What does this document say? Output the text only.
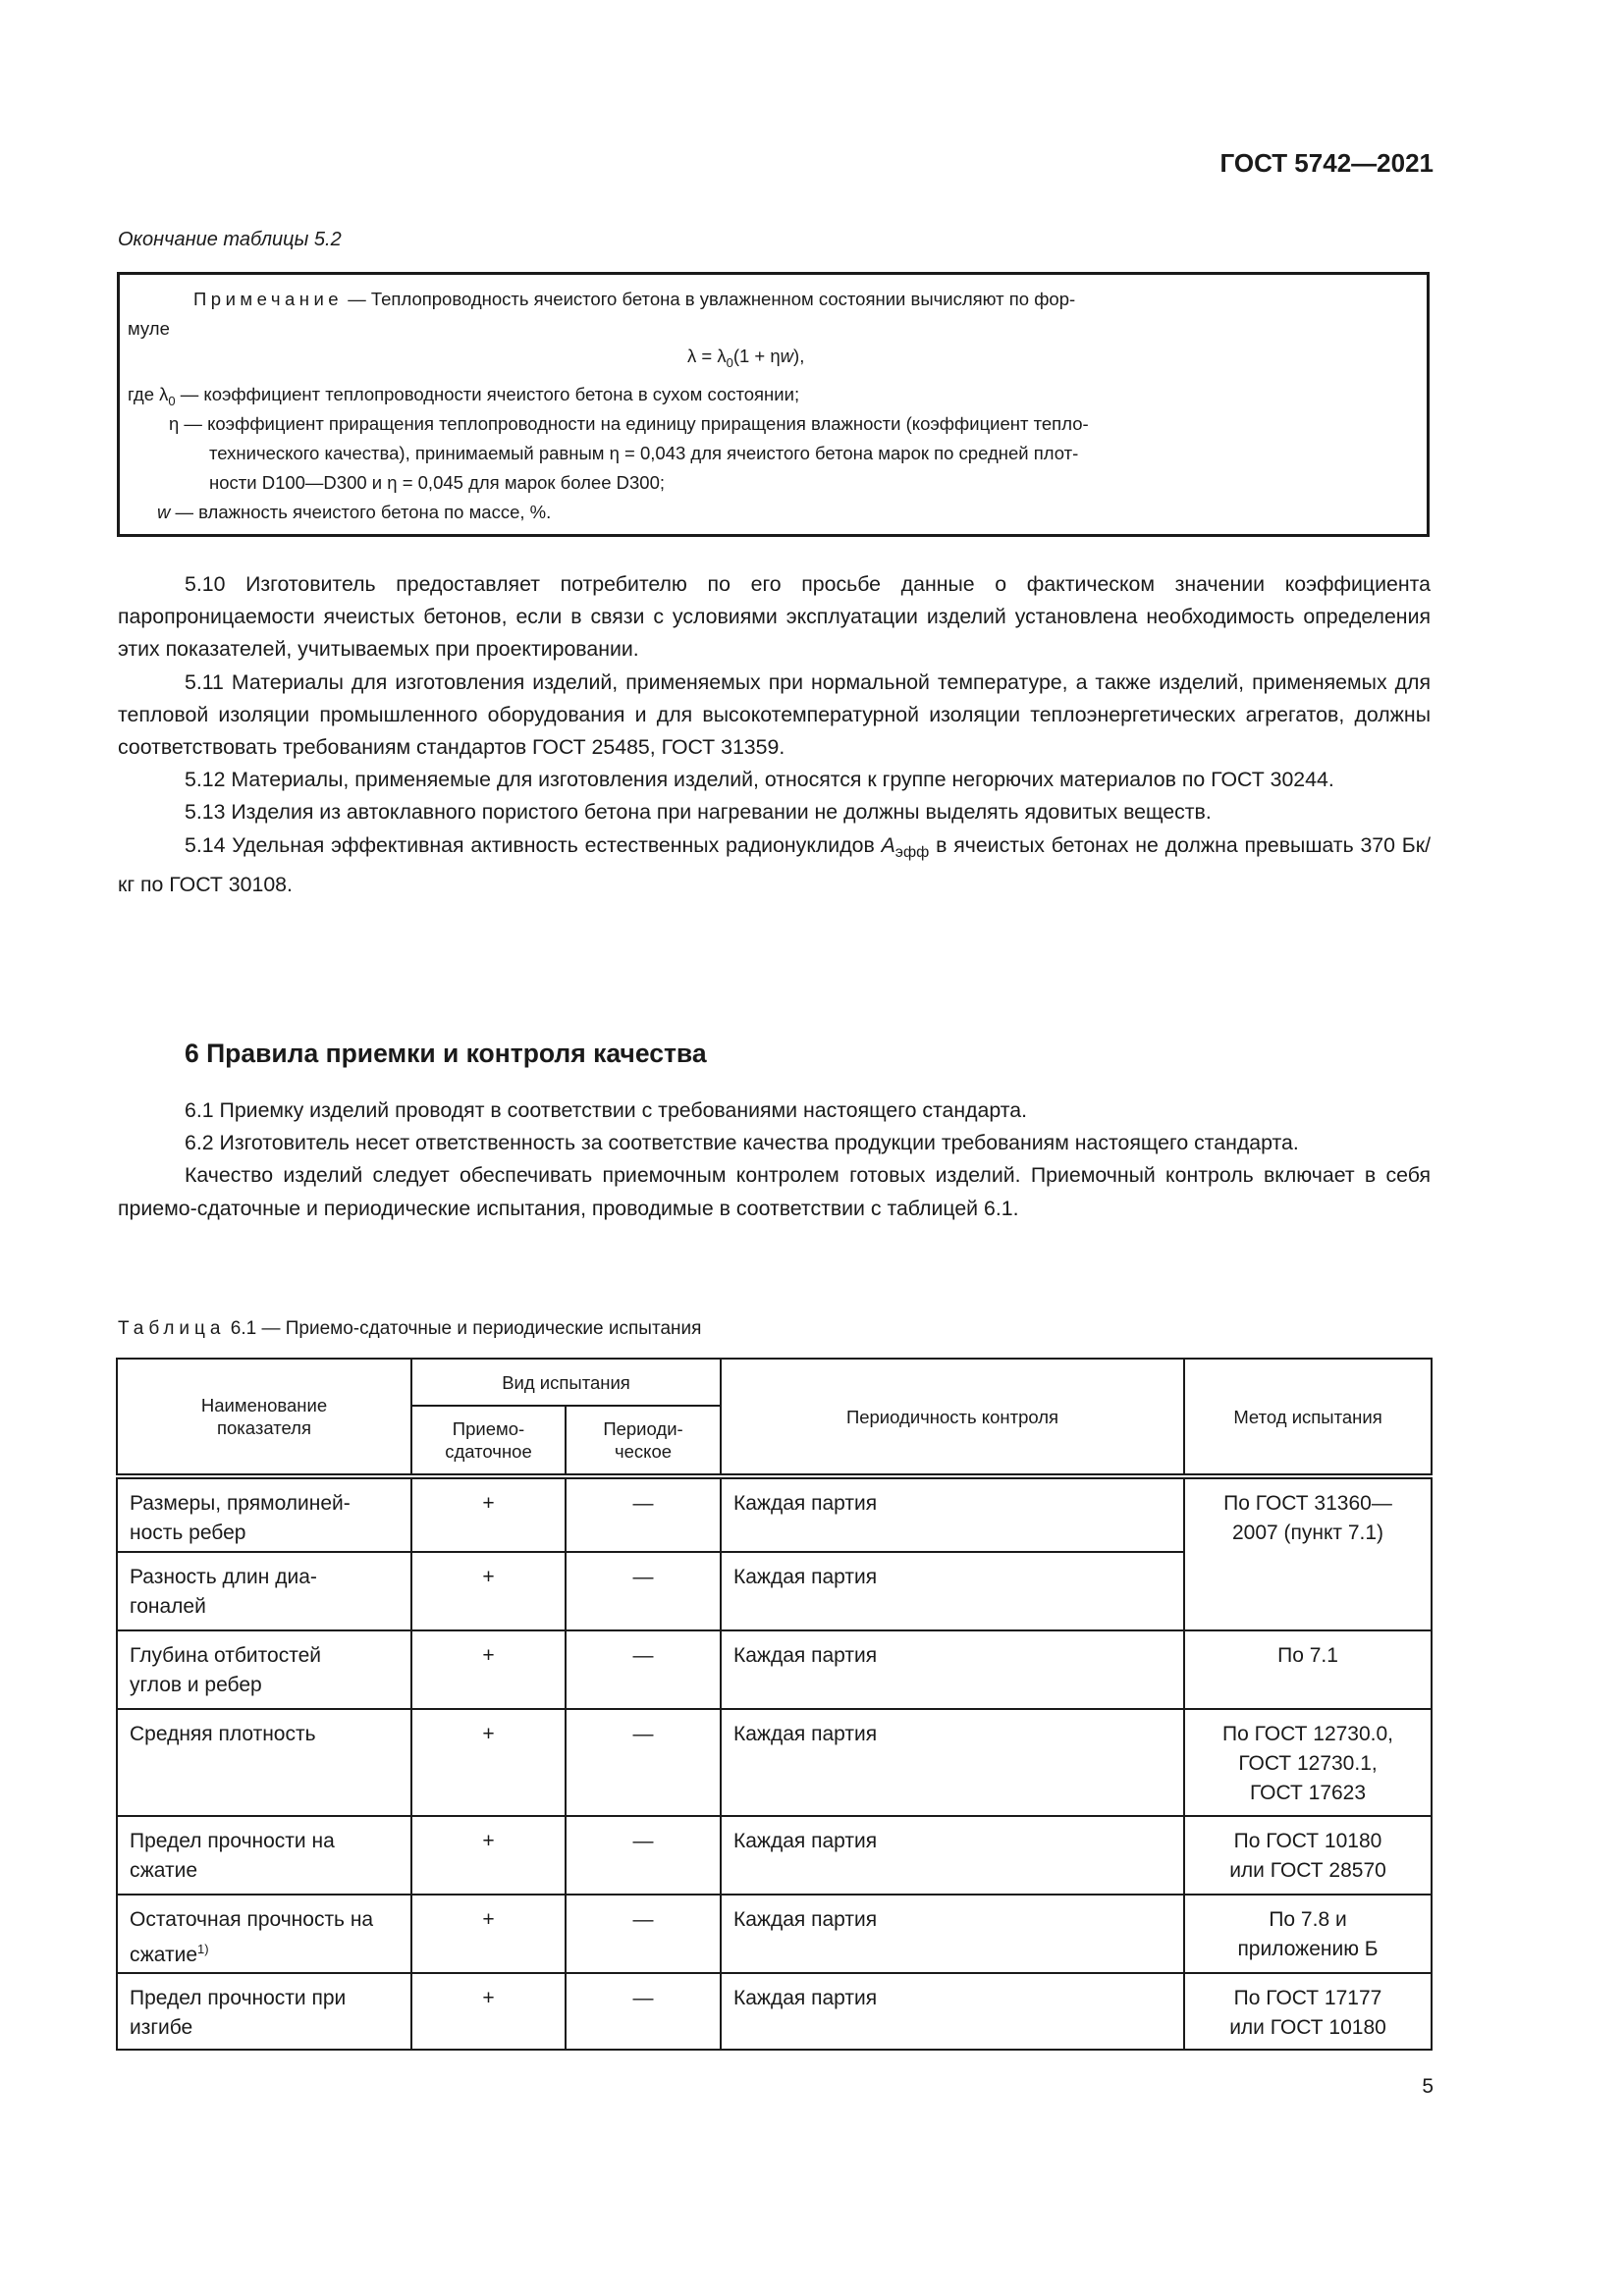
ГОСТ 5742—2021
Окончание таблицы 5.2
Примечание — Теплопроводность ячеистого бетона в увлажненном состоянии вычисляют по фор-
муле
$\lambda = \lambda_0(1 + \eta w)$,
где $\lambda_0$ — коэффициент теплопроводности ячеистого бетона в сухом состоянии;
η — коэффициент приращения теплопроводности на единицу приращения влажности (коэффициент тепло-
технического качества), принимаемый равным η = 0,043 для ячеистого бетона марок по средней плот-
ности D100—D300 и η = 0,045 для марок более D300;
w — влажность ячеистого бетона по массе, %.

5.10 Изготовитель предоставляет потребителю по его просьбе данные о фактическом значении коэффициента паропроницаемости ячеистых бетонов, если в связи с условиями эксплуатации изделий установлена необходимость определения этих показателей, учитываемых при проектировании.

5.11 Материалы для изготовления изделий, применяемых при нормальной температуре, а также изделий, применяемых для тепловой изоляции промышленного оборудования и для высокотемпературной изоляции теплоэнергетических агрегатов, должны соответствовать требованиям стандартов ГОСТ 25485, ГОСТ 31359.

5.12 Материалы, применяемые для изготовления изделий, относятся к группе негорючих материалов по ГОСТ 30244.

5.13 Изделия из автоклавного пористого бетона при нагревании не должны выделять ядовитых веществ.

5.14 Удельная эффективная активность естественных радионуклидов $A_{эфф}$ в ячеистых бетонах не должна превышать 370 Бк/кг по ГОСТ 30108.

6 Правила приемки и контроля качества

6.1 Приемку изделий проводят в соответствии с требованиями настоящего стандарта.

6.2 Изготовитель несет ответственность за соответствие качества продукции требованиям настоящего стандарта.

Качество изделий следует обеспечивать приемочным контролем готовых изделий. Приемочный контроль включает в себя приемо-сдаточные и периодические испытания, проводимые в соответствии с таблицей 6.1.

Таблица 6.1 — Приемо-сдаточные и периодические испытания
Наименование показателя	Вид испытания		Периодичность контроля	Метод испытания
	Приемо-сдаточное	Периоди-ческое		
Размеры, прямолиней-ность ребер	+	—	Каждая партия	По ГОСТ 31360—2007 (пункт 7.1)
Разность длин диа-гоналей	+	—	Каждая партия	
Глубина отбитостей углов и ребер	+	—	Каждая партия	По 7.1
Средняя плотность	+	—	Каждая партия	По ГОСТ 12730.0, ГОСТ 12730.1, ГОСТ 17623
Предел прочности на сжатие	+	—	Каждая партия	По ГОСТ 10180 или ГОСТ 28570
Остаточная прочность на сжатие$^{1)}$	+	—	Каждая партия	По 7.8 и приложению Б
Предел прочности при изгибе	+	—	Каждая партия	По ГОСТ 17177 или ГОСТ 10180
5
